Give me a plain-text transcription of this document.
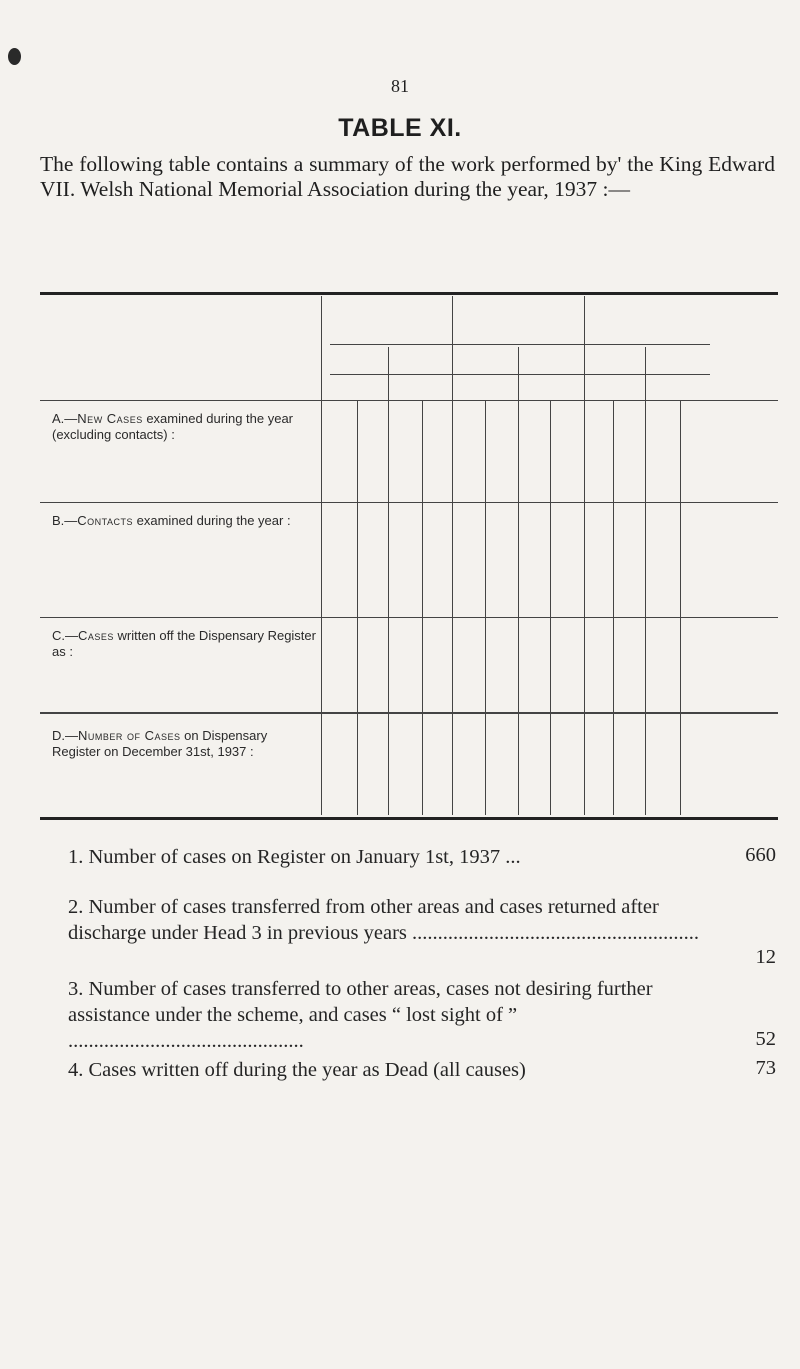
81
TABLE XI.
The following table contains a summary of the work performed by' the King Edward VII. Welsh National Memorial Association during the year, 1937 :—
A.—New Cases examined during the year (excluding contacts) :
B.—Contacts examined during the year :
C.—Cases written off the Dispensary Register as :
D.—Number of Cases on Dispensary Register on December 31st, 1937 :
1. Number of cases on Register on January 1st, 1937 ...	660
2. Number of cases transferred from other areas and cases returned after discharge under Head 3 in previous years ........................................................
12
3. Number of cases transferred to other areas, cases not desiring further assistance under the scheme, and cases “ lost sight of ” ..............................................	52
4. Cases written off during the year as Dead (all causes)	73
